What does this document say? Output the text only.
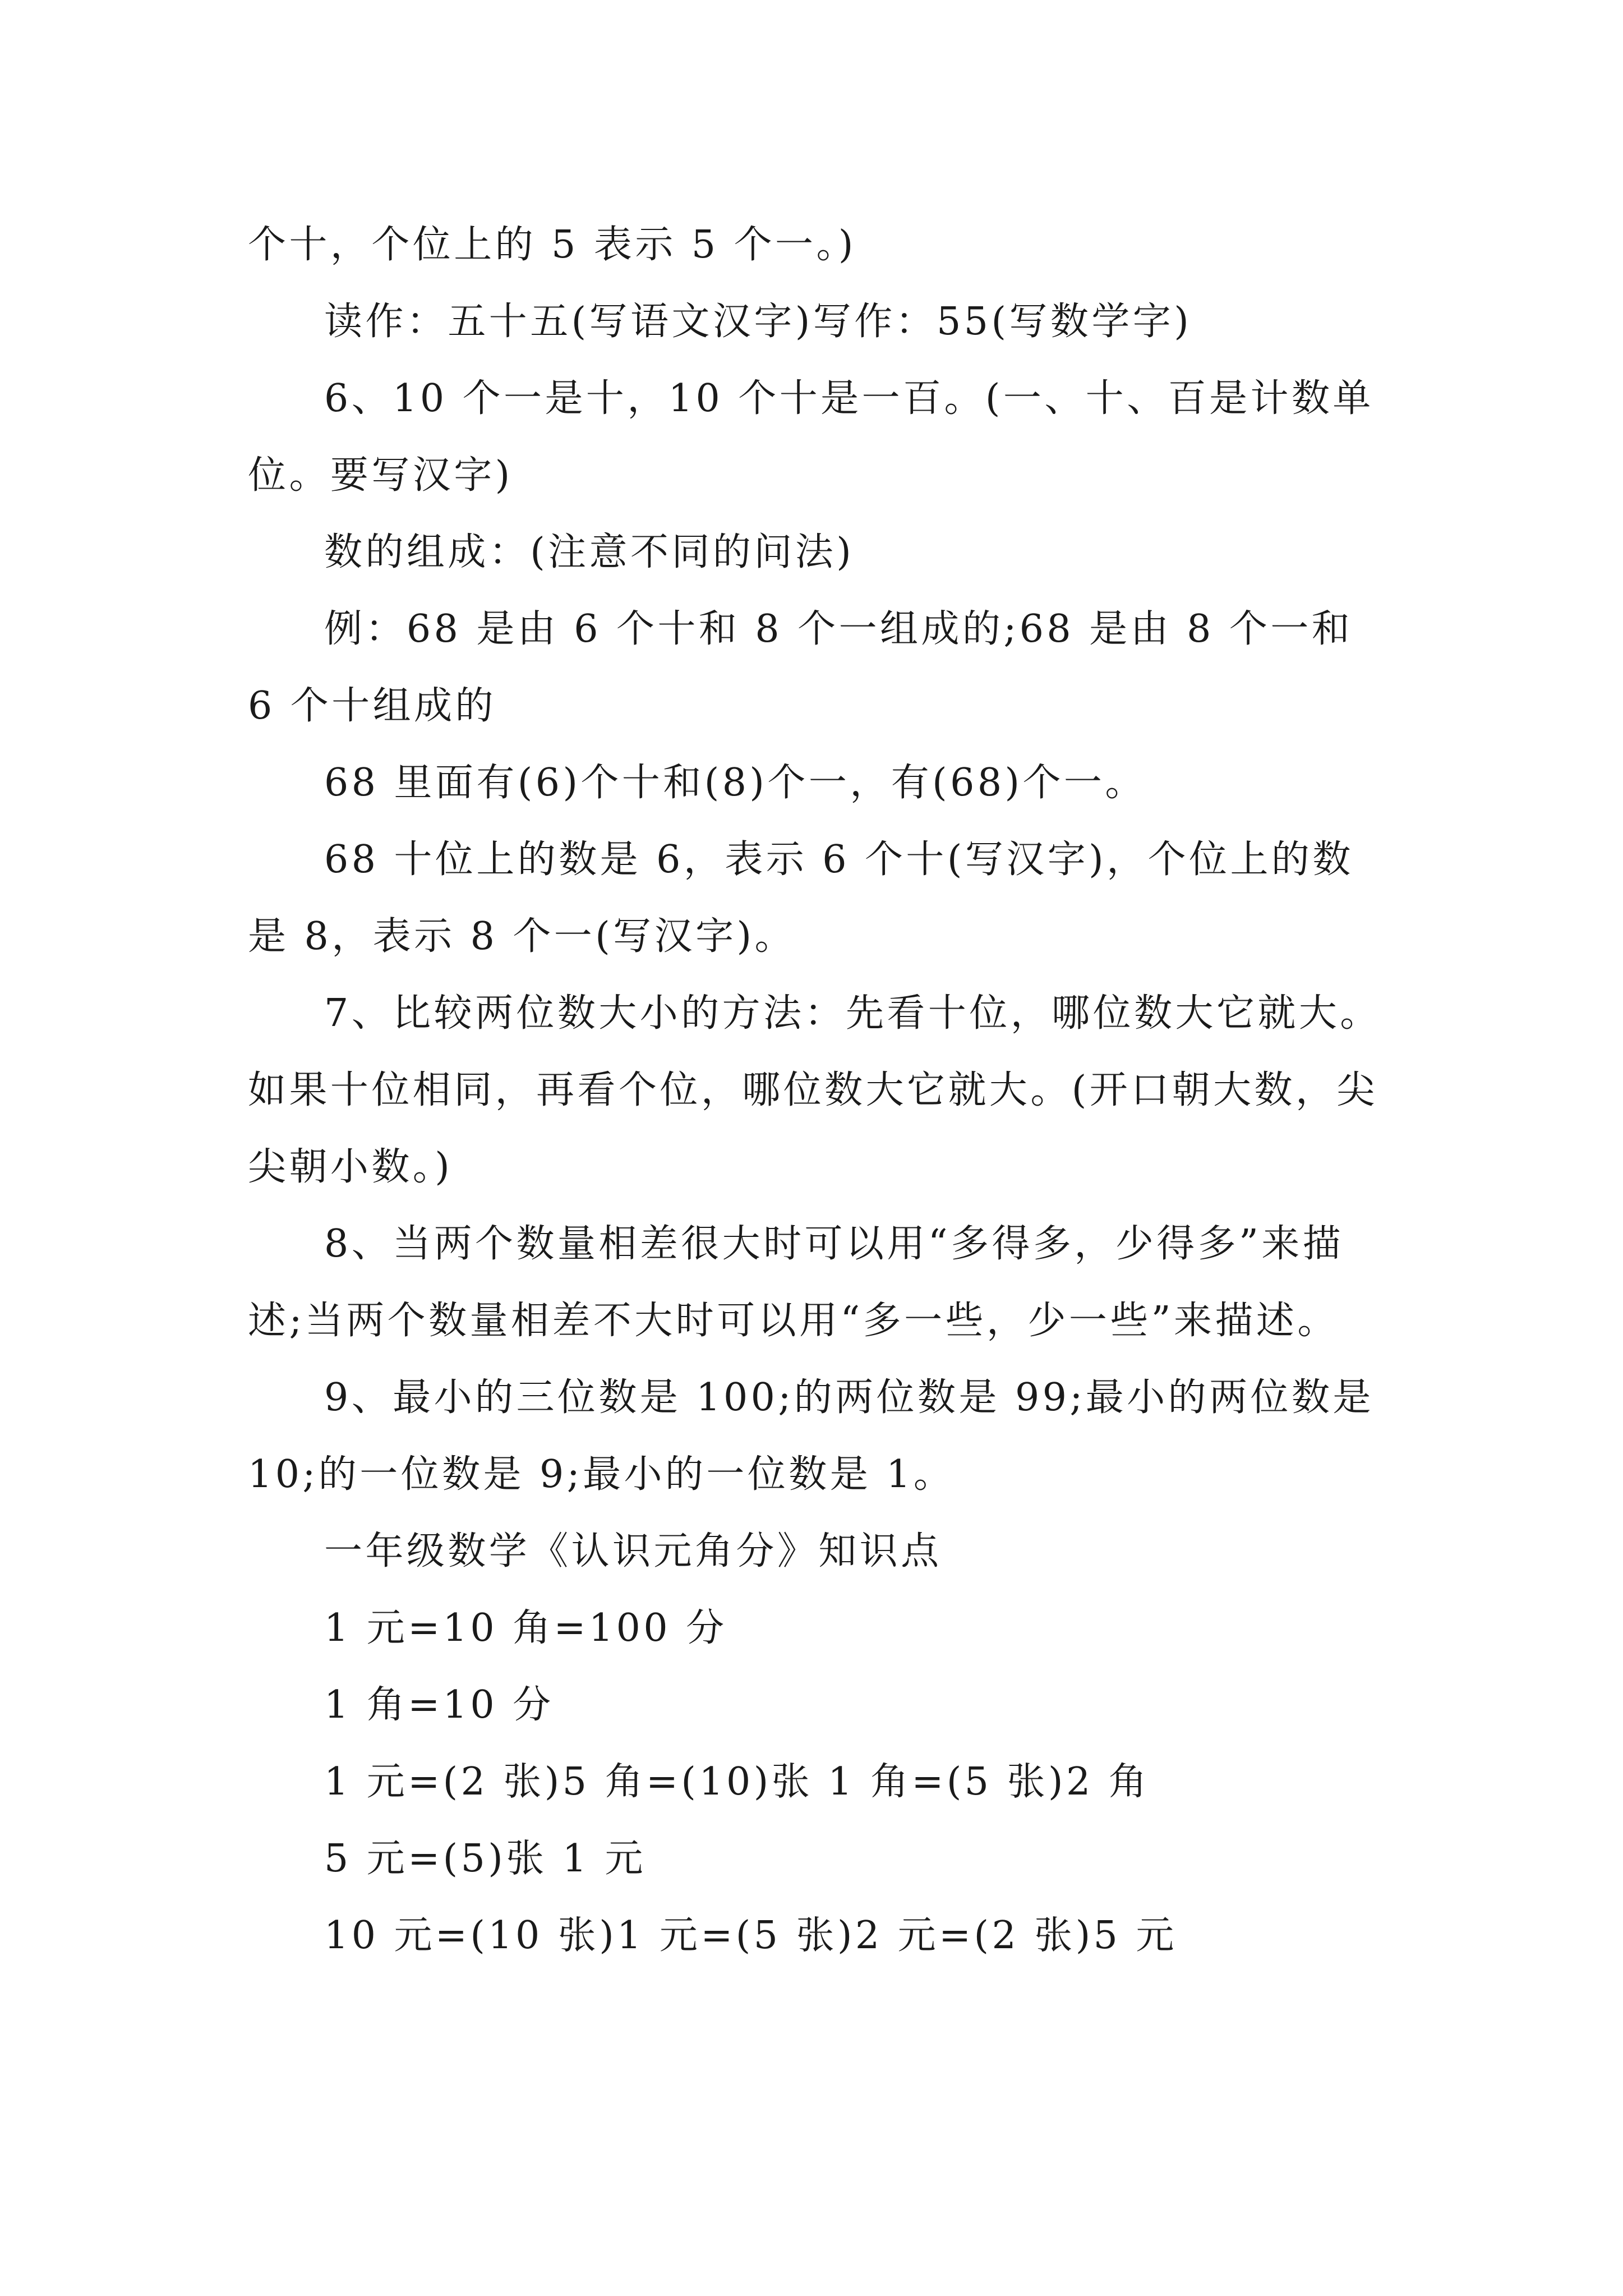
个十，个位上的 5 表示 5 个一。)

读作：五十五(写语文汉字)写作：55(写数学字)

6、10 个一是十，10 个十是一百。(一、十、百是计数单位。要写汉字)

数的组成：(注意不同的问法)

例：68 是由 6 个十和 8 个一组成的;68 是由 8 个一和 6 个十组成的

68 里面有(6)个十和(8)个一，有(68)个一。

68 十位上的数是 6，表示 6 个十(写汉字)，个位上的数是 8，表示 8 个一(写汉字)。

7、比较两位数大小的方法：先看十位，哪位数大它就大。如果十位相同，再看个位，哪位数大它就大。(开口朝大数，尖尖朝小数。)

8、当两个数量相差很大时可以用“多得多，少得多”来描述;当两个数量相差不大时可以用“多一些，少一些”来描述。

9、最小的三位数是 100;的两位数是 99;最小的两位数是 10;的一位数是 9;最小的一位数是 1。

一年级数学《认识元角分》知识点

1 元=10 角=100 分

1 角=10 分

1 元=(2 张)5 角=(10)张 1 角=(5 张)2 角

5 元=(5)张 1 元

10 元=(10 张)1 元=(5 张)2 元=(2 张)5 元
